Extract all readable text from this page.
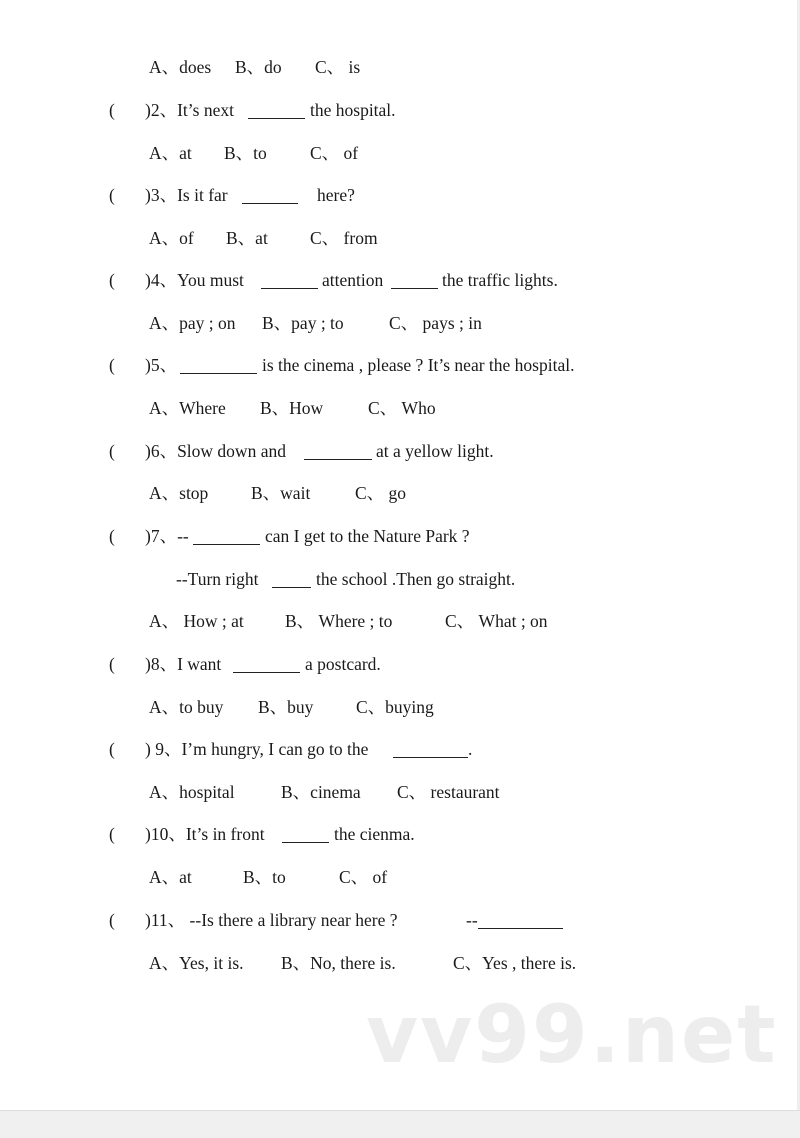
A、does B、do C、 is
( )2、It’s next	the hospital.
A、at B、to C、 of
( )3、Is it far	here?
A、of B、at C、 from
( )4、You must	attention	the traffic lights.
A、pay ; on B、pay ; to	C、 pays ; in
( )5、	is the cinema , please ? It’s near the hospital.
A、Where B、How	C、 Who
( )6、Slow down and	at a yellow light.
A、stop B、wait	C、 go
( )7、--	can I get to the Nature Park ?
--Turn right	the school .Then go straight.
A、 How ; at B、 Where ; to	C、 What ; on
( )8、I want	a postcard.
A、to buy B、buy C、buying
( ) 9、I’m hungry, I can go to the	.
A、hospital	B、cinema C、 restaurant
( )10、It’s in front	the cienma.
A、at	B、to	C、 of
( )11、 --Is there a library near here ?	--
A、Yes, it is. B、No, there is.	C、Yes , there is.
vv99.net
